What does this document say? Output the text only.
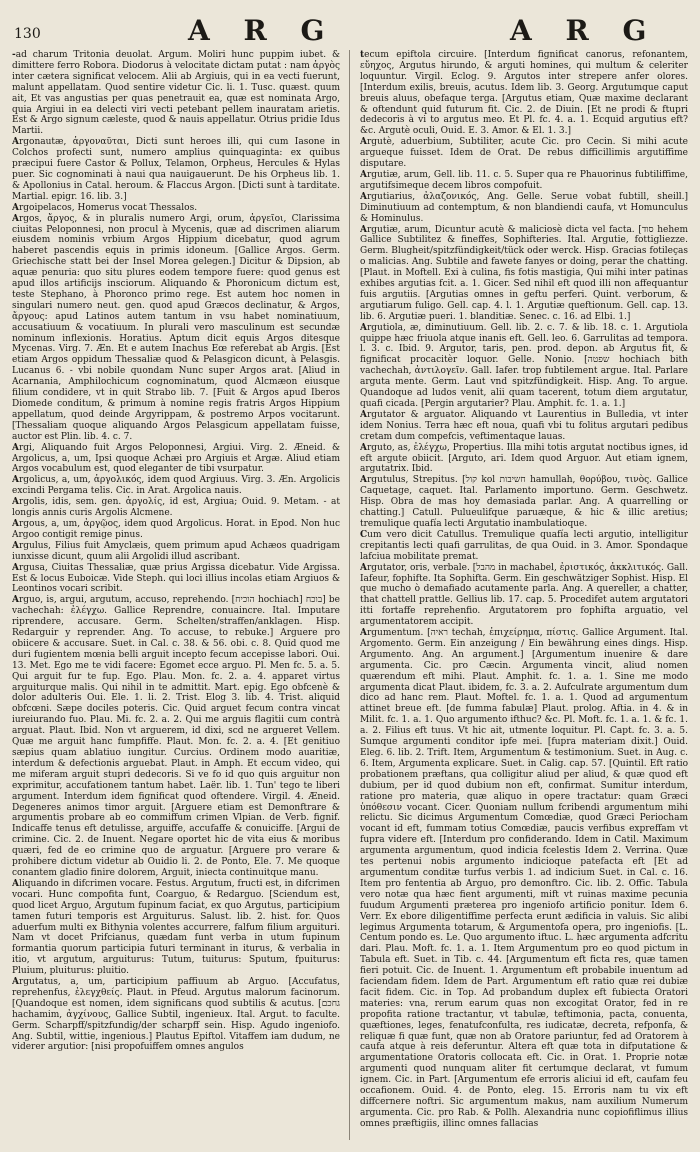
130	A R G	A R G

-ad charum Tritonia deuolat. Argum. Moliri hunc puppim iubet. & dimittere ferro Robora. Diodorus à velocitate dictam putat : nam ἀργὸς inter cætera significat velocem. Alii ab Argiuis, qui in ea vecti fuerunt, malunt appellatam. Quod sentire videtur Cic. li. 1. Tusc. quæst. quum ait, Et vas angustias per quas penetrauit ea, quæ est nominata Argo, quia Argiui in ea delecti viri vecti petebant pellem inauratam arietis. Est & Argo signum cæleste, quod & nauis appellatur. Otrius pridie Idus Martii.

Argonautæ, ἀργοναῦται, Dicti sunt heroes illi, qui cum Iasone in Colchos profecti sunt, numero amplius quinquaginta: ex quibus præcipui fuere Castor & Pollux, Telamon, Orpheus, Hercules & Hylas puer. Sic cognominati à naui qua nauigauerunt. De his Orpheus lib. 1. & Apollonius in Catal. heroum. & Flaccus Argon. [Dicti sunt à tarditate. Martial. epigr. 16. lib. 3.]

Argoipelacos, Homerus vocat Thessalos.

Argos, ἄργος, & in pluralis numero Argi, orum, ἀργεῖοι, Clarissima ciuitas Peloponnesi, non procul à Mycenis, quæ ad discrimen aliarum eiusdem nominis vrbium Argos Hippium dicebatur, quod agrum haberet pascendis equis in primis idoneum. [Gallice Argos. Germ. Griechische statt bei der Insel Morea gelegen.] Dicitur & Dipsion, ab aquæ penuria: quo situ plures eodem tempore fuere: quod genus est apud illos artificijs insciorum. Aliquando & Phoronicum dictum est, teste Stephano, à Phoronco primo rege. Est autem hoc nomen in singulari numero neut. gen. quod apud Græcos declinatur, & Argos, ἄργους: apud Latinos autem tantum in vsu habet nominatiuum, accusatiuum & vocatiuum. In plurali vero masculinum est secundæ nominum inflexionis. Horatius. Aptum dicit equis Argos ditesque Mycenas. Virg. 7. Æn. Et e autem Inachus Eœ referebat ab Argis. [Est etiam Argos oppidum Thessaliæ quod & Pelasgicon dicunt, à Pelasgis. Lucanus 6. - vbi nobile quondam Nunc super Argos arat. [Aliud in Acarnania, Amphilochicum cognominatum, quod Alcmæon eiusque filium condidere, vt in quit Strabo lib. 7. [Fuit & Argos apud Iberos Diomede conditum, & primum à nomine regis fratris Argos Hippium appellatum, quod deinde Argyrippam, & postremo Arpos vocitarunt. [Thessaliam quoque aliquando Argos Pelasgicum appellatam fuisse, auctor est Plin. lib. 4. c. 7.

Argi, Aliquando fuit Argos Peloponnesi, Argiui. Virg. 2. Æneid. & Argolicus, a, um, Ipsi quoque Achæi pro Argiuis et Argæ. Aliud etiam Argos vocabulum est, quod eleganter de tibi vsurpatur.

Argolicus, a, um, ἀργολικός, idem quod Argiuus. Virg. 3. Æn. Argolicis excindi Pergama telis. Cic. in Arat. Argolica nauis.

Argolis, idis, sem. gen. ἀργολίς, id est, Argiua; Ouid. 9. Metam. - at longis annis curis Argolis Alcmene.

Argous, a, um, ἀργῷος, idem quod Argolicus. Horat. in Epod. Non huc Argoo contigit remige pinus.

Argulus, Filius fuit Amyclæis, quem primum apud Achæos quadrigam iunxisse dicunt, quum alii Argolidi illud ascribant.

Argusa, Ciuitas Thessaliæ, quæ prius Argissa dicebatur. Vide Argissa. Est & locus Euboicæ. Vide Steph. qui loci illius incolas etiam Argiuos & Leontinos vocari scribit.

Arguo, is, argui, argutum, accuso, reprehendo. [הוכיח hochiach] בוכח] be vachechah: ἐλέγχω. Gallice Reprendre, conuaincre. Ital. Imputare riprendere, accusare. Germ. Schelten/straffen/anklagen. Hisp. Redarguir y reprender. Ang. To accuse, to rebuke.] Arguere pro obiicere & accusare. Suet. in Cal. c. 38. & 56. obi. c. 8. Quid quod me duri fugientem mœnia belli arguit incepto fecum accepisse labori. Oui. 13. Met. Ego me te vidi facere: Egomet ecce arguo. Pl. Men fc. 5. a. 5. Qui arguit fur te fup. Ego. Plau. Mon. fc. 2. a. 4. apparet virtus arguiturque malis. Qui nihil in te admittit. Mart. epig. Ego obfcenè & dolor adulteris Oui. Ele. 1. li. 2. Trist. Elog 3. lib. 4. Trist. aliquid obfcœni. Sæpe dociles poteris. Cic. Quid arguet fecum contra vincat iureiurando fuo. Plau. Mi. fc. 2. a. 2. Qui me arguis flagitii cum contrà arguat. Plaut. Ibid. Non vt arguerem, id dixi, scd ne argueret Vellem. Quæ me arguit hanc fumpfiffe. Plaut. Mon. fc. 2. a. 4. [Et genitiuo sæpius quam ablatiuo iungitur. Curcius. Ordinem modo auaritiæ, interdum & defectionis arguebat. Plaut. in Amph. Et eccum video, qui me miferam arguit stupri dedecoris. Si ve fo id quo quis arguitur non exprimitur, accufationem tantum habet. Laër. lib. 1. Tun' tego te liberi argument. Interdum idem fignificat quod oftendere. Virgil. 4. Æneid. Degeneres animos timor arguit. [Arguere etiam est Demonftrare & argumentis probare ab eo commiffum crimen Vlpian. de Verb. fignif. Indicaffe tenus eft detulisse, arguiffe, accufaffe & conuiciffe. [Argui de crimine. Cic. 2. de Inuent. Negare oportet hic de vita eius & moribus quæri, fed de eo crimine quo de arguatur. [Arguere pro verare & prohibere dictum videtur ab Ouidio li. 2. de Ponto, Ele. 7. Me quoque conantem gladio finire dolorem, Arguit, iniecta continuitque manu.

Aliquando in difcrimen vocare. Festus. Argutum, fructi est, in difcrimen vocari. Hunc compofita funt, Coarguo, & Redarguo. [Sciendum est, quod licet Arguo, Argutum fupinum faciat, ex quo Argutus, participium tamen futuri temporis est Arguiturus. Salust. lib. 2. hist. for. Quos aduerfum multi ex Bithynia volentes accurrere, falfum filium arguituri. Nam vt docet Prifcianus, quædam funt verba in utum fupinum formantia quorum participia futuri terminant in iturus, & verbalia in itio, vt argutum, arguiturus: Tutum, tuiturus: Sputum, fpuiturus: Pluium, pluiturus: pluitio.

Argutatus, a, um, participium paffiuum ab Arguo. [Accufatus, reprehenfus, ἐλεγχθείς. Plaut. in Pfeud. Argutus malorum facinorum. [Quandoque est nomen, idem significans quod subtilis & acutus. [גחכם hachamim, ἀγχίνους, Gallice Subtil, ingenieux. Ital. Argut. to faculte. Germ. Scharpff/spitzfundig/der scharpff sein. Hisp. Agudo ingeniofo. Ang. Subtil, wittie, ingenious.] Plautus Epiftol. Vitaffem iam dudum, ne viderer argutior: [nisi propofuiffem omnes angulos

tecum epiftola circuire. [Interdum fignificat canorus, refonantem, εὔηχος, Argutus hirundo, & arguti homines, qui multum & celeriter loquuntur. Virgil. Eclog. 9. Argutos inter strepere anfer olores. [Interdum exilis, breuis, acutus. Idem lib. 3. Georg. Argutumque caput breuis aluus, obefaque terga. [Argutus etiam, Quæ maxime declarant & oftendunt quid futurum fit. Cic. 2. de Diuin. [Et ne prodi & ftupri dedecoris à vi to argutus meo. Et Pl. fc. 4. a. 1. Ecquid argutius eft? &c. Argutè oculi, Ouid. E. 3. Amor. & El. 1. 3.]

Argutè, aduerbium, Subtiliter, acute Cic. pro Cecin. Si mihi acute argueque fuisset. Idem de Orat. De rebus difficillimis argutiffime disputare.

Argutiæ, arum, Gell. lib. 11. c. 5. Super qua re Phauorinus fubtiliffime, argutifsimeque decem libros compofuit.

Argutiarius, ἀλαζονικός, Ang. Gelle. Serue vobat fubtill, sheill.] Diminutiuum ad contemptum, & non blandiendi caufa, vt Homunculus & Hominulus.

Argutiæ, arum, Dicuntur acutè & maliciosè dicta vel facta. [סוד hehem Gallice Subtilitez & fineffes, Sophifteries. Ital. Argutie, fottigliezze. Germ. Blugheit/spitzfündigkeit/tück oder werck. Hisp. Gracias fotileças o malicias. Ang. Subtile and fawete fanyes or doing, perar the chatting. [Plaut. in Moftell. Exi à culina, fis fotis mastigia, Qui mihi inter patinas exhibes argutias fcit. a. 1. Gicer. Sed nihil eft quod illi non affequantur fuis argutiis. [Argutias omnes in geftu perferi. Quint. verborum, & argutiarum fuligo. Gell. cap. 4. l. 1. Argutiæ queftionum. Gell. cap. 13. lib. 6. Argutiæ pueri. 1. blanditiæ. Senec. c. 16. ad Elbi. 1.]

Argutiola, æ, diminutiuum. Gell. lib. 2. c. 7. & lib. 18. c. 1. Argutiola quippe hæc friuola atque inanis eft. Gell. leo. 6. Garrulitas ad tempora. l. 3. c. Ibid. 9. Argutor, taris, pen. prod. depon. ab Argutus fit, & fignificat procacitèr loquor. Gelle. Nonio. [שפטה hochiach bith vachechah, ἀντιλογεῖν. Gall. Iafer. trop fubtilement argue. Ital. Parlare arguta mente. Germ. Laut vnd spitzfündigkeit. Hisp. Ang. To argue. Quandoque ad ludos venit, alii quam tacerent, totum diem argutatur, quafi cicada. [Pergin argutarier? Plau. Amphit. fc. 1. a. 1.]

Argutator & arguator. Aliquando vt Laurentius in Bulledia, vt inter idem Nonius. Terra hæc eft noua, quafi vbi tu folitus argutari pedibus cretam dum compefcis, veftimentaque lauas.

Arguto, as, ἐλέγχω, Propertius. Illa mihi totis argutat noctibus ignes, id eft argute obiicit. [Arguto, ari. Idem quod Arguor. Aut etiam ignem, argutatrix. Ibid.

Argutulus, Strepitus. [קול kol חשיבות hamullah, θορύβου, τινὸς. Gallice Caquetage, caquet. Ital. Parlamento importuno. Germ. Geschwetz. Hisp. Obra de mas hoy demasiada parlar. Ang. A quarrelling or chatting.] Catull. Pulueulifque paruæque, & hic & illic aretius; tremulique quafía lecti Argutatio inambulatioque.

Cum vero dicit Catullus. Tremulique quafía lecti argutio, intelligitur crepitantis lecti quafi garrulitas, de qua Ouid. in 3. Amor. Spondaque lafciua mobilitate premat.

Argutator, oris, verbale. [מהבל in machabel, ἐριστικός, ἀκκλιτικός. Gall. Iafeur, fophifte. Ita Sophifta. Germ. Ein geschwätziger Sophist. Hisp. El que mucho ò demafiado acutamente parla. Ang. A quereller, a chatter, that chattell prattle. Gellius lib. 17. cap. 5. Procedifet autem argutatori itti fortaffe reprehenfio. Argutatorem pro fophifta arguatio, vel argumentatorem accipit.

Argumentum. [ראיה techah, ἐπιχείρημα, πίστις. Gallice Argument. Ital. Argomento. Germ. Ein anzeigung / Ein bewährung eines dings. Hisp. Argumento. Ang. An argument.] [Argumentum inuenire & dare argumenta. Cic. pro Cæcin. Argumenta vincit, aliud nomen quærendum eft mihi. Plaut. Amphit. fc. 1. a. 1. Sine me modo argumenta dicat Plaut. ibidem, fc. 3. a. 2. Aufculrate argumentum dum dico ad hanc rem. Plaut. Moftel. fc. 1. a. 1. Quod ad argumentum attinet breue eft. [de fumma fabulæ] Plaut. prolog. Aftia. in 4. & in Milit. fc. 1. a. 1. Quo argumento ifthuc? &c. Pl. Moft. fc. 1. a. 1. & fc. 1. a. 2. Filius eft tuus. Vt hic ait, utmente loquitur. Pl. Capt. fc. 3. a. 5. Sumque argumenti conditor ipfe mei. [fupra materiam dixit.] Ouid. Eleg. 6. lib. 2. Trift. Item, Argumentum & testimonium. Suet. in Aug. c. 6. Item, Argumenta explicare. Suet. in Calig. cap. 57. [Quintil. Eft ratio probationem præftans, qua colligitur aliud per aliud, & quæ quod eft dubium, per id quod dubium non eft, confirmat. Sumitur interdum, ratione pro materia, quæ aliquo in opere tractatur: quam Græci ὑπόθεσιν vocant. Cicer. Quoniam nullum fcribendi argumentum mihi relictu. Sic dicimus Argumentum Comœdiæ, quod Græci Periocham vocant id eft, fummam totius Comœdiæ, paucis verfibus expreffam vt fupra videre eft. [Interdum pro confiderando. Idem in Catil. Maximum argumenta argumentum, quod indicia fcelestis Idem 2. Verrina. Quæ tes pertenui nobis argumento indicioque patefacta eft [Et ad argumentum conditæ turfus verbis 1. ad indicium Suet. in Cal. c. 16. Item pro fententia ab Arguo, pro demonftro. Cic. lib. 2. Offic. Tabula vero notæ qua hæc fient argumenti, mift vt ruinas maxime pecunia fuudum Argumenti præterea pro ingeniofo artificio ponitur. Idem 6. Verr. Ex ebore diligentiffime perfecta erunt ædificia in valuis. Sic alibi legimus Argumenta totarum, & Argumentofa opera, pro ingeniofis. [L. Centum pondo es. Le. Quo argumento iftuc. L. hæc argumenta adfcritu dari. Plau. Moft. fc. 1. a. 1. Item Argumentum pro eo quod pictum in Tabula eft. Suet. in Tib. c. 44. [Argumentum eft ficta res, quæ tamen fieri potuit. Cic. de Inuent. 1. Argumentum eft probabile inuentum ad faciendam fidem. Idem de Part. Argumentum eft ratio quæ rei dubiæ facit fidem. Cic. in Top. Ad probandum duplex eft fubiecta Oratori materies: vna, rerum earum quas non excogitat Orator, fed in re propofita ratione tractantur, vt tabulæ, teftimonia, pacta, conuenta, quæftiones, leges, fenatufconfulta, res iudicatæ, decreta, refponfa, & reliquæ fi quæ funt, quæ non ab Oratore pariuntur, fed ad Oratorem à caufa atque à reis deferuntur. Altera eft quæ tota in difputatione & argumentatione Oratoris collocata eft. Cic. in Orat. 1. Proprie notæ argumenti quod nunquam aliter fit certumque declarat, vt fumum ignem. Cic. in Part. [Argumentum efe erroris aliciui id eft, caufam feu occafionem. Ouid. 4. de Ponto, eleg. 15. Erroris nam tu vix eft diffcernere noftri. Sic argumentum makus, nam auxilium Numerum argumenta. Cic. pro Rab. & Pollh. Alexandria nunc copiofiflimus illius omnes præftigiis, illinc omnes fallacias
